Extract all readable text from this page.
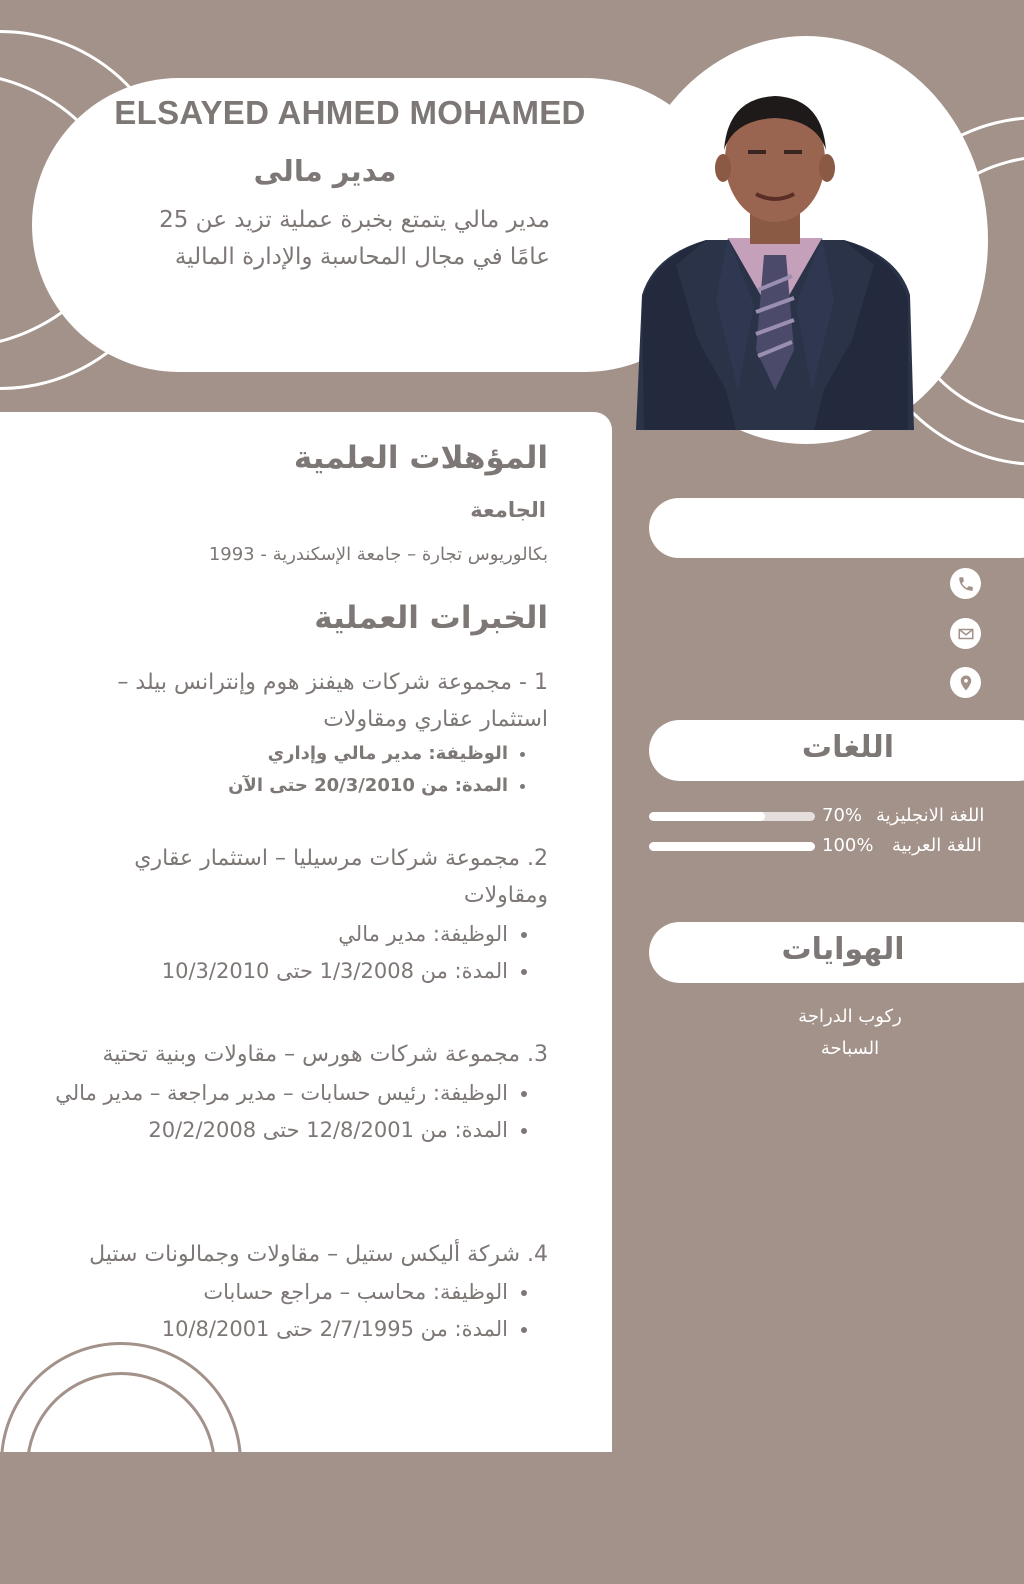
ELSAYED AHMED MOHAMED
مدير مالى
مدير مالي يتمتع بخبرة عملية تزيد عن 25 عامًا في مجال المحاسبة والإدارة المالية
المؤهلات العلمية
الجامعة
بكالوريوس تجارة – جامعة الإسكندرية - 1993
الخبرات العملية
1 - مجموعة شركات هيفنز هوم وإنترانس بيلد – استثمار عقاري ومقاولات
• الوظيفة: مدير مالي وإداري
• المدة: من 20/3/2010 حتى الآن
2. مجموعة شركات مرسيليا – استثمار عقاري ومقاولات
• الوظيفة: مدير مالي
• المدة: من 1/3/2008 حتى 10/3/2010
3. مجموعة شركات هورس – مقاولات وبنية تحتية
• الوظيفة: رئيس حسابات – مدير مراجعة – مدير مالي
• المدة: من 12/8/2001 حتى 20/2/2008
4. شركة أليكس ستيل – مقاولات وجمالونات ستيل
• الوظيفة: محاسب – مراجع حسابات
• المدة: من 2/7/1995 حتى 10/8/2001
اللغات
اللغة الانجليزية
70%
اللغة العربية
100%
الهوايات
ركوب الدراجة
السباحة
